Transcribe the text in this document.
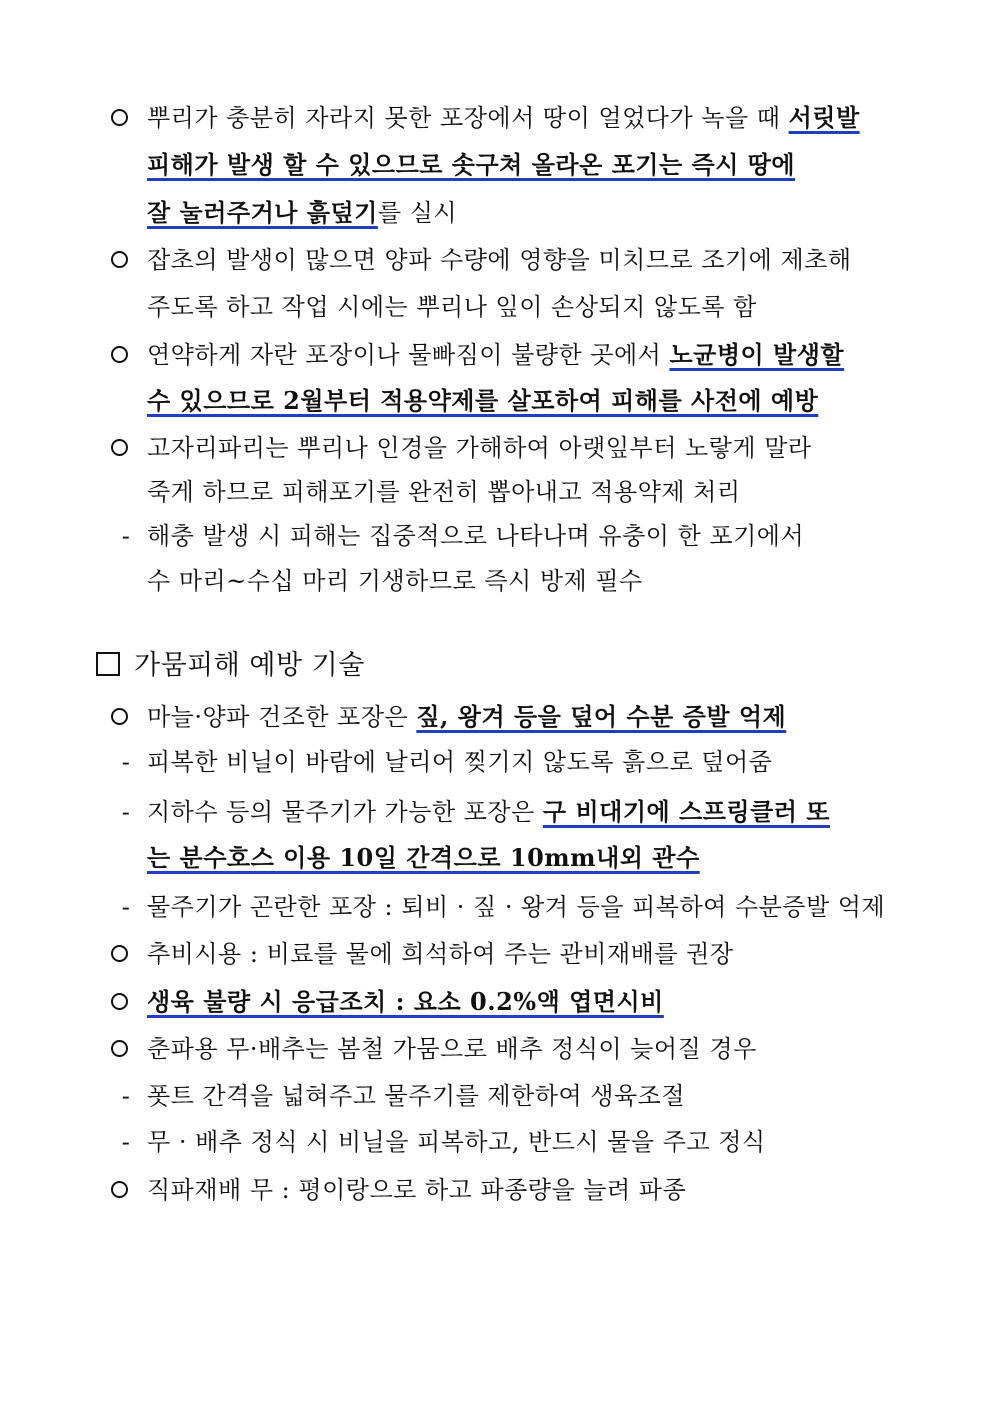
뿌리가 충분히 자라지 못한 포장에서 땅이 얼었다가 녹을 때 서릿발
피해가 발생 할 수 있으므로 솟구쳐 올라온 포기는 즉시 땅에
잘 눌러주거나 흙덮기를 실시
잡초의 발생이 많으면 양파 수량에 영향을 미치므로 조기에 제초해
주도록 하고 작업 시에는 뿌리나 잎이 손상되지 않도록 함
연약하게 자란 포장이나 물빠짐이 불량한 곳에서 노균병이 발생할
수 있으므로 2월부터 적용약제를 살포하여 피해를 사전에 예방
고자리파리는 뿌리나 인경을 가해하여 아랫잎부터 노랗게 말라
죽게 하므로 피해포기를 완전히 뽑아내고 적용약제 처리
- 해충 발생 시 피해는 집중적으로 나타나며 유충이 한 포기에서
수 마리~수십 마리 기생하므로 즉시 방제 필수
가뭄피해 예방 기술
마늘·양파 건조한 포장은 짚, 왕겨 등을 덮어 수분 증발 억제
- 피복한 비닐이 바람에 날리어 찢기지 않도록 흙으로 덮어줌
- 지하수 등의 물주기가 가능한 포장은 구 비대기에 스프링클러 또
는 분수호스 이용 10일 간격으로 10mm내외 관수
- 물주기가 곤란한 포장 : 퇴비 · 짚 · 왕겨 등을 피복하여 수분증발 억제
추비시용 : 비료를 물에 희석하여 주는 관비재배를 권장
생육 불량 시 응급조치 : 요소 0.2%액 엽면시비
춘파용 무·배추는 봄철 가뭄으로 배추 정식이 늦어질 경우
- 폿트 간격을 넓혀주고 물주기를 제한하여 생육조절
- 무 · 배추 정식 시 비닐을 피복하고, 반드시 물을 주고 정식
직파재배 무 : 평이랑으로 하고 파종량을 늘려 파종
